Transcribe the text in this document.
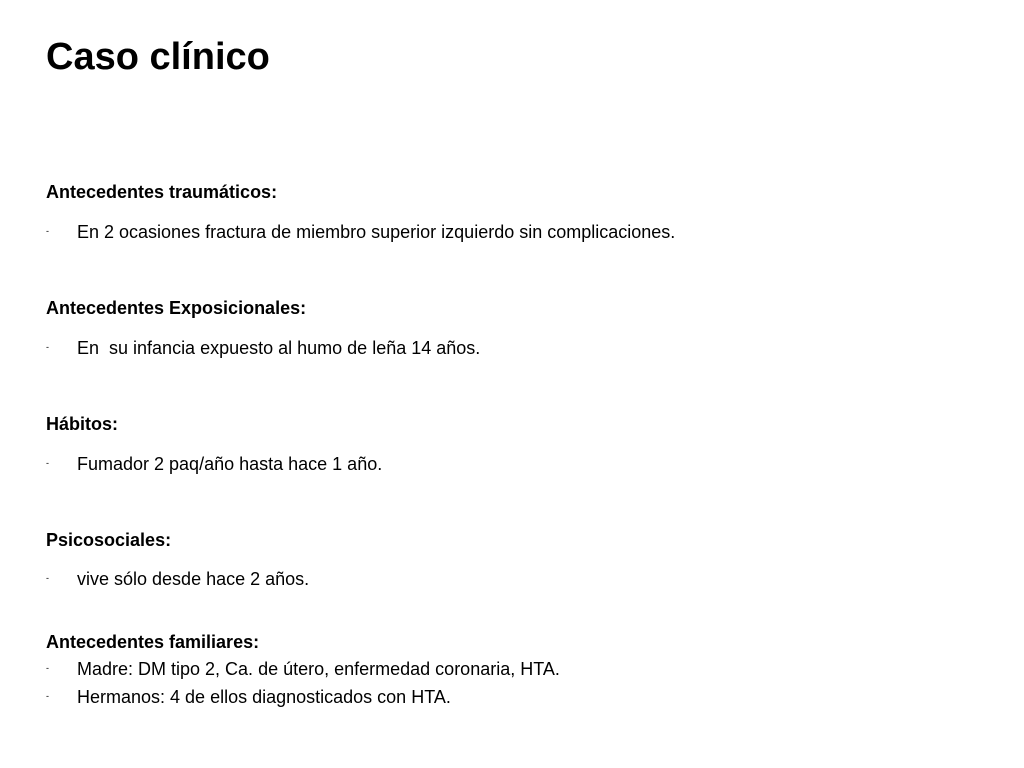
Caso clínico
Antecedentes traumáticos:
- En 2 ocasiones fractura de miembro superior izquierdo sin complicaciones.
Antecedentes Exposicionales:
- En  su infancia expuesto al humo de leña 14 años.
Hábitos:
- Fumador 2 paq/año hasta hace 1 año.
Psicosociales:
- vive sólo desde hace 2 años.
Antecedentes familiares:
- Madre: DM tipo 2, Ca. de útero, enfermedad coronaria, HTA.
- Hermanos: 4 de ellos diagnosticados con HTA.
